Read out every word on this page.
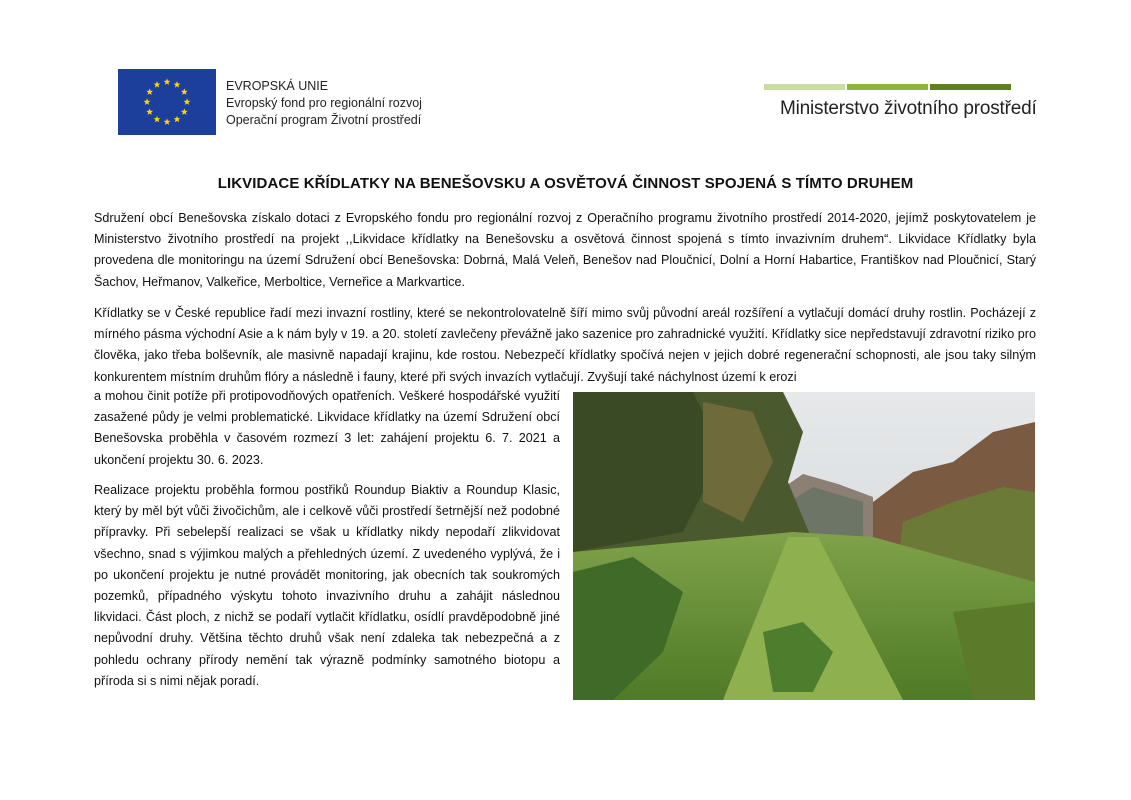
EVROPSKÁ UNIE
Evropský fond pro regionální rozvoj
Operační program Životní prostředí
Ministerstvo životního prostředí
LIKVIDACE KŘÍDLATKY NA BENEŠOVSKU A OSVĚTOVÁ ČINNOST SPOJENÁ S TÍMTO DRUHEM

Sdružení obcí Benešovska získalo dotaci z Evropského fondu pro regionální rozvoj z Operačního programu životního prostředí 2014-2020, jejímž poskytovatelem je Ministerstvo životního prostředí na projekt ,,Likvidace křídlatky na Benešovsku a osvětová činnost spojená s tímto invazivním druhem“. Likvidace Křídlatky byla provedena dle monitoringu na území Sdružení obcí Benešovska: Dobrná, Malá Veleň, Benešov nad Ploučnicí, Dolní a Horní Habartice, Františkov nad Ploučnicí, Starý Šachov, Heřmanov, Valkeřice, Merboltice, Verneřice a Markvartice.

Křídlatky se v České republice řadí mezi invazní rostliny, které se nekontrolovatelně šíří mimo svůj původní areál rozšíření a vytlačují domácí druhy rostlin. Pocházejí z mírného pásma východní Asie a k nám byly v 19. a 20. století zavlečeny převážně jako sazenice pro zahradnické využití. Křídlatky sice nepředstavují zdravotní riziko pro člověka, jako třeba bolševník, ale masivně napadají krajinu, kde rostou. Nebezpečí křídlatky spočívá nejen v jejich dobré regenerační schopnosti, ale jsou taky silným konkurentem místním druhům flóry a následně i fauny, které při svých invazích vytlačují. Zvyšují také náchylnost území k erozi

a mohou činit potíže při protipovodňových opatřeních. Veškeré hospodářské využití zasažené půdy je velmi problematické. Likvidace křídlatky na území Sdružení obcí Benešovska proběhla v časovém rozmezí 3 let: zahájení projektu 6. 7. 2021 a ukončení projektu 30. 6. 2023.

Realizace projektu proběhla formou postřiků Roundup Biaktiv a Roundup Klasic, který by měl být vůči živočichům, ale i celkově vůči prostředí šetrnější než podobné přípravky. Při sebelepší realizaci se však u křídlatky nikdy nepodaří zlikvidovat všechno, snad s výjimkou malých a přehledných území. Z uvedeného vyplývá, že i po ukončení projektu je nutné provádět monitoring, jak obecních tak soukromých pozemků, případného výskytu tohoto invazivního druhu a zahájit následnou likvidaci. Část ploch, z nichž se podaří vytlačit křídlatku, osídlí pravděpodobně jiné nepůvodní druhy. Většina těchto druhů však není zdaleka tak nebezpečná a z pohledu ochrany přírody nemění tak výrazně podmínky samotného biotopu a příroda si s nimi nějak poradí.
